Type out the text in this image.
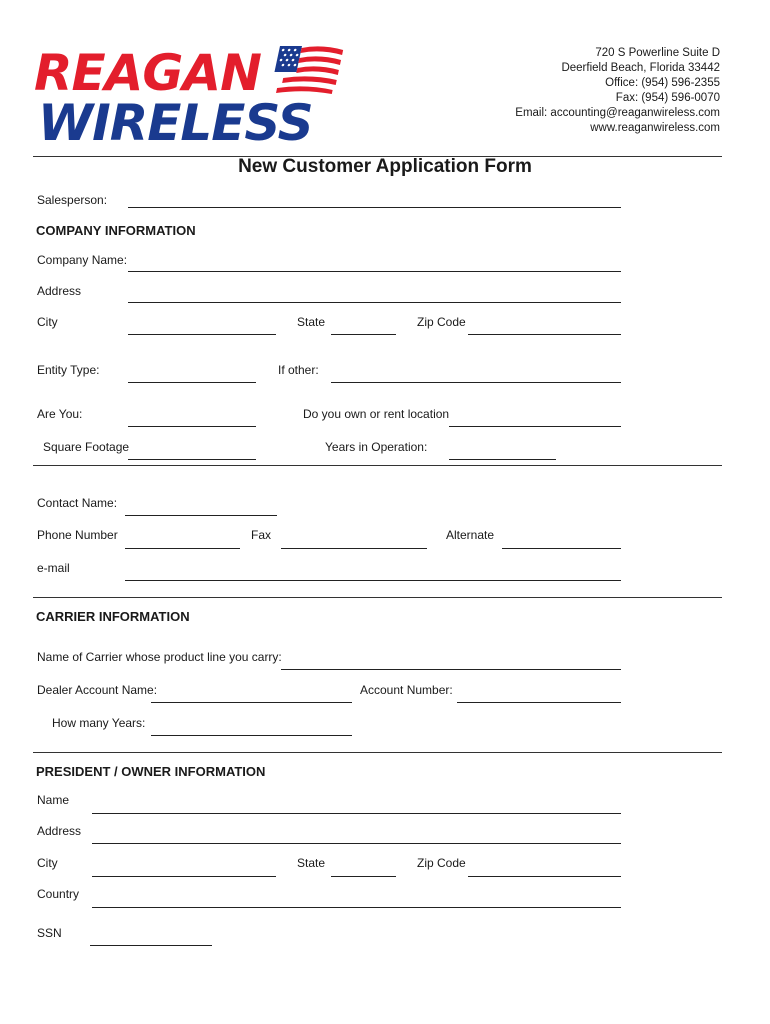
REAGAN
WIRELESS
720 S Powerline Suite D
Deerfield Beach, Florida 33442
Office: (954) 596-2355
Fax: (954) 596-0070
Email: accounting@reaganwireless.com
www.reaganwireless.com
New Customer Application Form
Salesperson:
COMPANY INFORMATION
Company Name:
Address
City	State	Zip Code
Entity Type:	If other:
Are You:	Do you own or rent location
Square Footage	Years in Operation:
Contact Name:
Phone Number	Fax	Alternate
e-mail
CARRIER INFORMATION
Name of Carrier whose product line you carry:
Dealer Account Name:	Account Number:
How many Years:
PRESIDENT / OWNER INFORMATION
Name
Address
City	State	Zip Code
Country
SSN
